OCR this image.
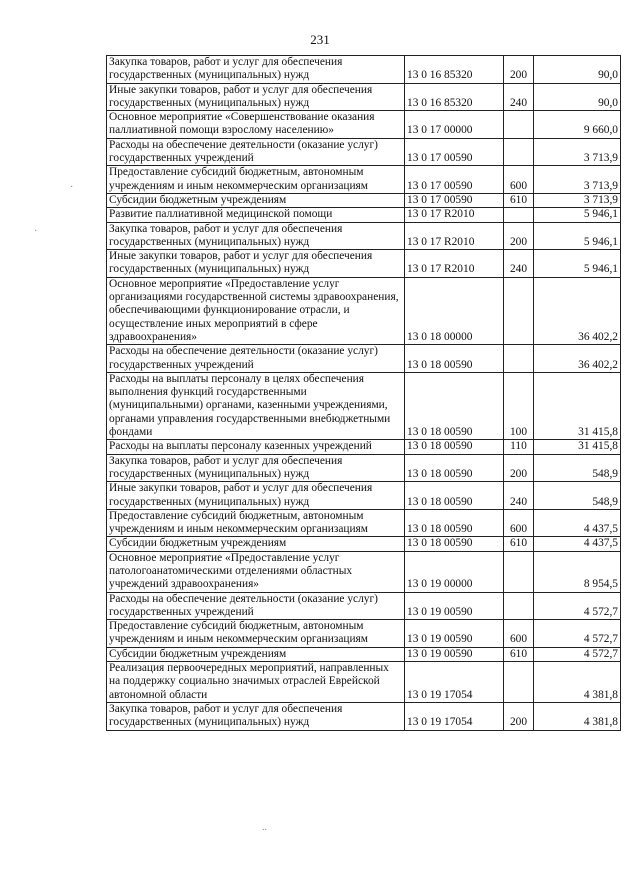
231
·
·
..
Закупка товаров, работ и услуг для обеспечения государственных (муниципальных) нужд	13 0 16 85320	200	90,0
Иные закупки товаров, работ и услуг для обеспечения государственных (муниципальных) нужд	13 0 16 85320	240	90,0
Основное мероприятие «Совершенствование оказания паллиативной помощи взрослому населению»	13 0 17 00000		9 660,0
Расходы на обеспечение деятельности (оказание услуг) государственных учреждений	13 0 17 00590		3 713,9
Предоставление субсидий бюджетным, автономным учреждениям и иным некоммерческим организациям	13 0 17 00590	600	3 713,9
Субсидии бюджетным учреждениям	13 0 17 00590	610	3 713,9
Развитие паллиативной медицинской помощи	13 0 17 R2010		5 946,1
Закупка товаров, работ и услуг для обеспечения государственных (муниципальных) нужд	13 0 17 R2010	200	5 946,1
Иные закупки товаров, работ и услуг для обеспечения государственных (муниципальных) нужд	13 0 17 R2010	240	5 946,1
Основное мероприятие «Предоставление услуг организациями государственной системы здравоохранения, обеспечивающими функционирование отрасли, и осуществление иных мероприятий в сфере здравоохранения»	13 0 18 00000		36 402,2
Расходы на обеспечение деятельности (оказание услуг) государственных учреждений	13 0 18 00590		36 402,2
Расходы на выплаты персоналу в целях обеспечения выполнения функций государственными (муниципальными) органами, казенными учреждениями, органами управления государственными внебюджетными фондами	13 0 18 00590	100	31 415,8
Расходы на выплаты персоналу казенных учреждений	13 0 18 00590	110	31 415,8
Закупка товаров, работ и услуг для обеспечения государственных (муниципальных) нужд	13 0 18 00590	200	548,9
Иные закупки товаров, работ и услуг для обеспечения государственных (муниципальных) нужд	13 0 18 00590	240	548,9
Предоставление субсидий бюджетным, автономным учреждениям и иным некоммерческим организациям	13 0 18 00590	600	4 437,5
Субсидии бюджетным учреждениям	13 0 18 00590	610	4 437,5
Основное мероприятие «Предоставление услуг патологоанатомическими отделениями областных учреждений здравоохранения»	13 0 19 00000		8 954,5
Расходы на обеспечение деятельности (оказание услуг) государственных учреждений	13 0 19 00590		4 572,7
Предоставление субсидий бюджетным, автономным учреждениям и иным некоммерческим организациям	13 0 19 00590	600	4 572,7
Субсидии бюджетным учреждениям	13 0 19 00590	610	4 572,7
Реализация первоочередных мероприятий, направленных на поддержку социально значимых отраслей Еврейской автономной области	13 0 19 17054		4 381,8
Закупка товаров, работ и услуг для обеспечения государственных (муниципальных) нужд	13 0 19 17054	200	4 381,8
